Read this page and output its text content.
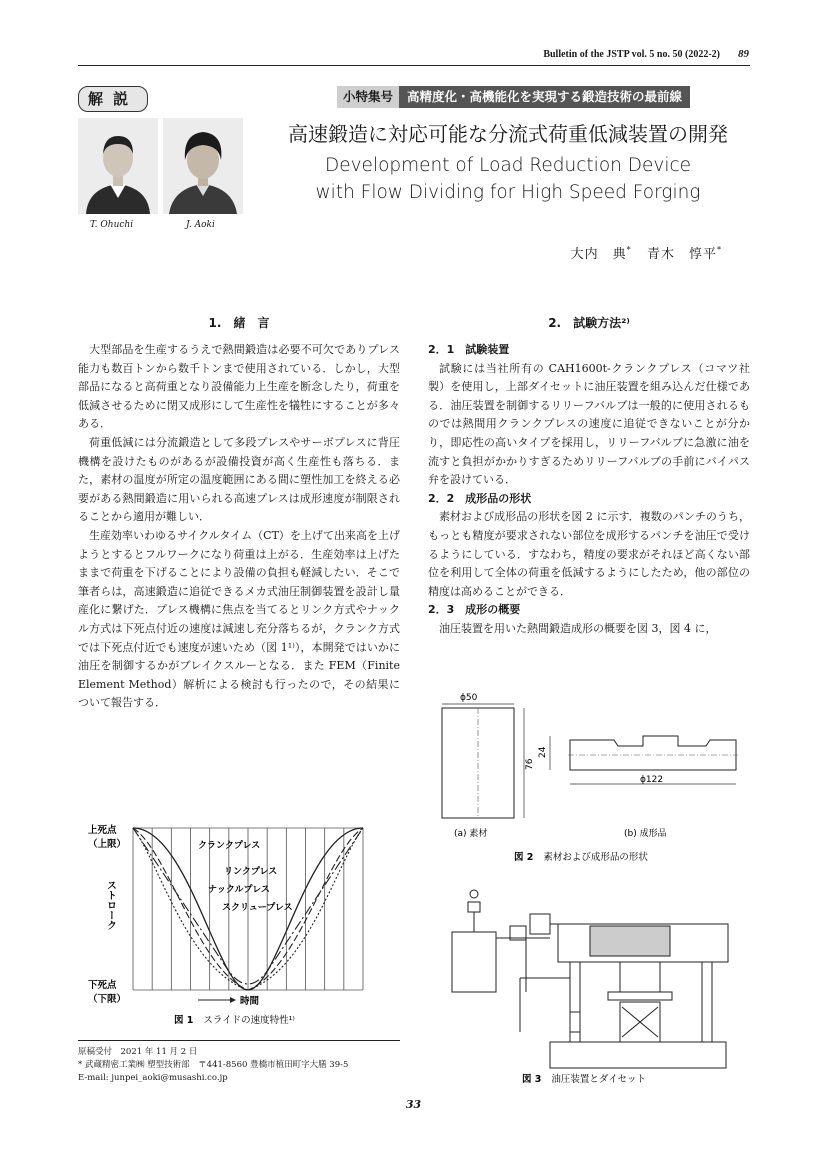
Bulletin of the JSTP vol. 5 no. 50 (2022-2) 89
解説	小特集号	高精度化・高機能化を実現する鍛造技術の最前線
T. Ohuchi	J. Aoki
高速鍛造に対応可能な分流式荷重低減装置の開発
Development of Load Reduction Device
with Flow Dividing for High Speed Forging
大内　典* 青木　惇平*
1.　緒　言

大型部品を生産するうえで熱間鍛造は必要不可欠でありプレス能力も数百トンから数千トンまで使用されている．しかし，大型部品になると高荷重となり設備能力上生産を断念したり，荷重を低減させるために閉又成形にして生産性を犠牲にすることが多々ある．

荷重低減には分流鍛造として多段プレスやサーボプレスに背圧機構を設けたものがあるが設備投資が高く生産性も落ちる．また，素材の温度が所定の温度範囲にある間に塑性加工を終える必要がある熱間鍛造に用いられる高速プレスは成形速度が制限されることから適用が難しい．

生産効率いわゆるサイクルタイム（CT）を上げて出来高を上げようとするとフルワークになり荷重は上がる．生産効率は上げたままで荷重を下げることにより設備の負担も軽減したい．そこで筆者らは，高速鍛造に追従できるメカ式油圧制御装置を設計し量産化に繋げた．プレス機構に焦点を当てるとリンク方式やナックル方式は下死点付近の速度は減速し充分落ちるが，クランク方式では下死点付近でも速度が速いため（図 1¹⁾），本開発ではいかに油圧を制御するかがブレイクスルーとなる．また FEM（Finite Element Method）解析による検討も行ったので，その結果について報告する．

上死点
（上限）
下死点
（下限）
ストローク
クランクプレス
リンクプレス
ナックルプレス
スクリュープレス
時間
図 1 スライドの速度特性¹⁾
原稿受付　2021 年 11 月 2 日
* 武蔵精密工業㈱ 塑型技術部　〒441-8560 豊橋市植田町字大膳 39-5
E-mail: junpei_aoki@musashi.co.jp
2.　試験方法²⁾
2．1　試験装置

試験には当社所有の CAH1600t-クランクプレス（コマツ社製）を使用し，上部ダイセットに油圧装置を組み込んだ仕様である．油圧装置を制御するリリーフバルブは一般的に使用されるものでは熱間用クランクプレスの速度に追従できないことが分かり，即応性の高いタイプを採用し，リリーフバルブに急激に油を流すと負担がかかりすぎるためリリーフバルブの手前にバイパス弁を設けている．

2．2　成形品の形状

素材および成形品の形状を図 2 に示す．複数のパンチのうち，もっとも精度が要求されない部位を成形するパンチを油圧で受けるようにしている．すなわち，精度の要求がそれほど高くない部位を利用して全体の荷重を低減するようにしたため，他の部位の精度は高めることができる．

2．3　成形の概要

油圧装置を用いた熱間鍛造成形の概要を図 3，図 4 に，

ϕ50
76
24
ϕ122
(a) 素材	(b) 成形品
図 2 素材および成形品の形状
図 3 油圧装置とダイセット
33
